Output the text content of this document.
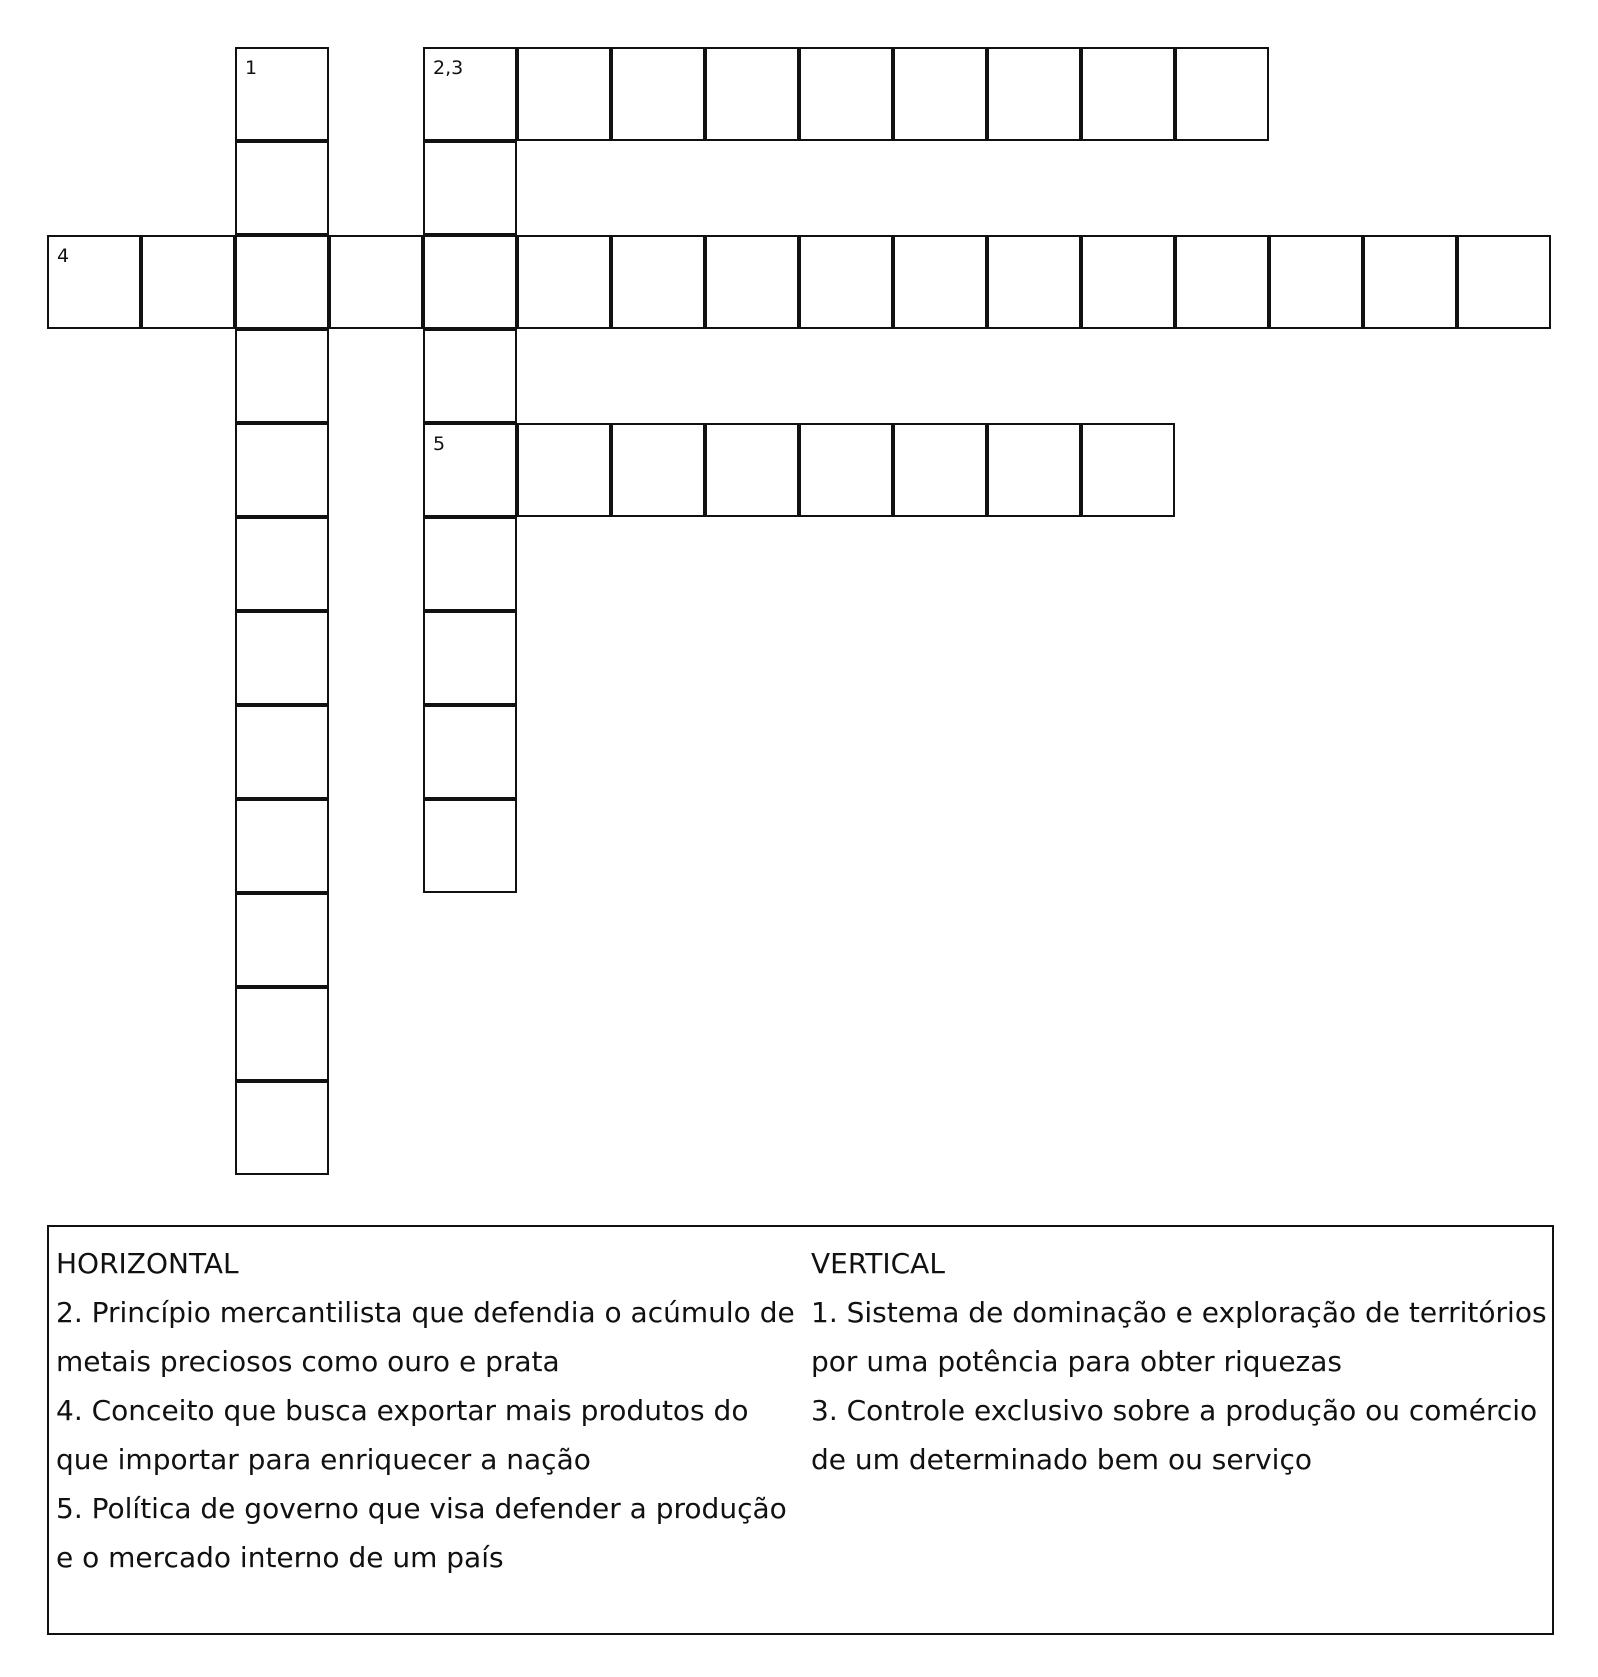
1	2,3
4
5

HORIZONTAL

2. Princípio mercantilista que defendia o acúmulo de metais preciosos como ouro e prata

4. Conceito que busca exportar mais produtos do que importar para enriquecer a nação

5. Política de governo que visa defender a produção e o mercado interno de um país

VERTICAL

1. Sistema de dominação e exploração de territórios por uma potência para obter riquezas

3. Controle exclusivo sobre a produção ou comércio de um determinado bem ou serviço
